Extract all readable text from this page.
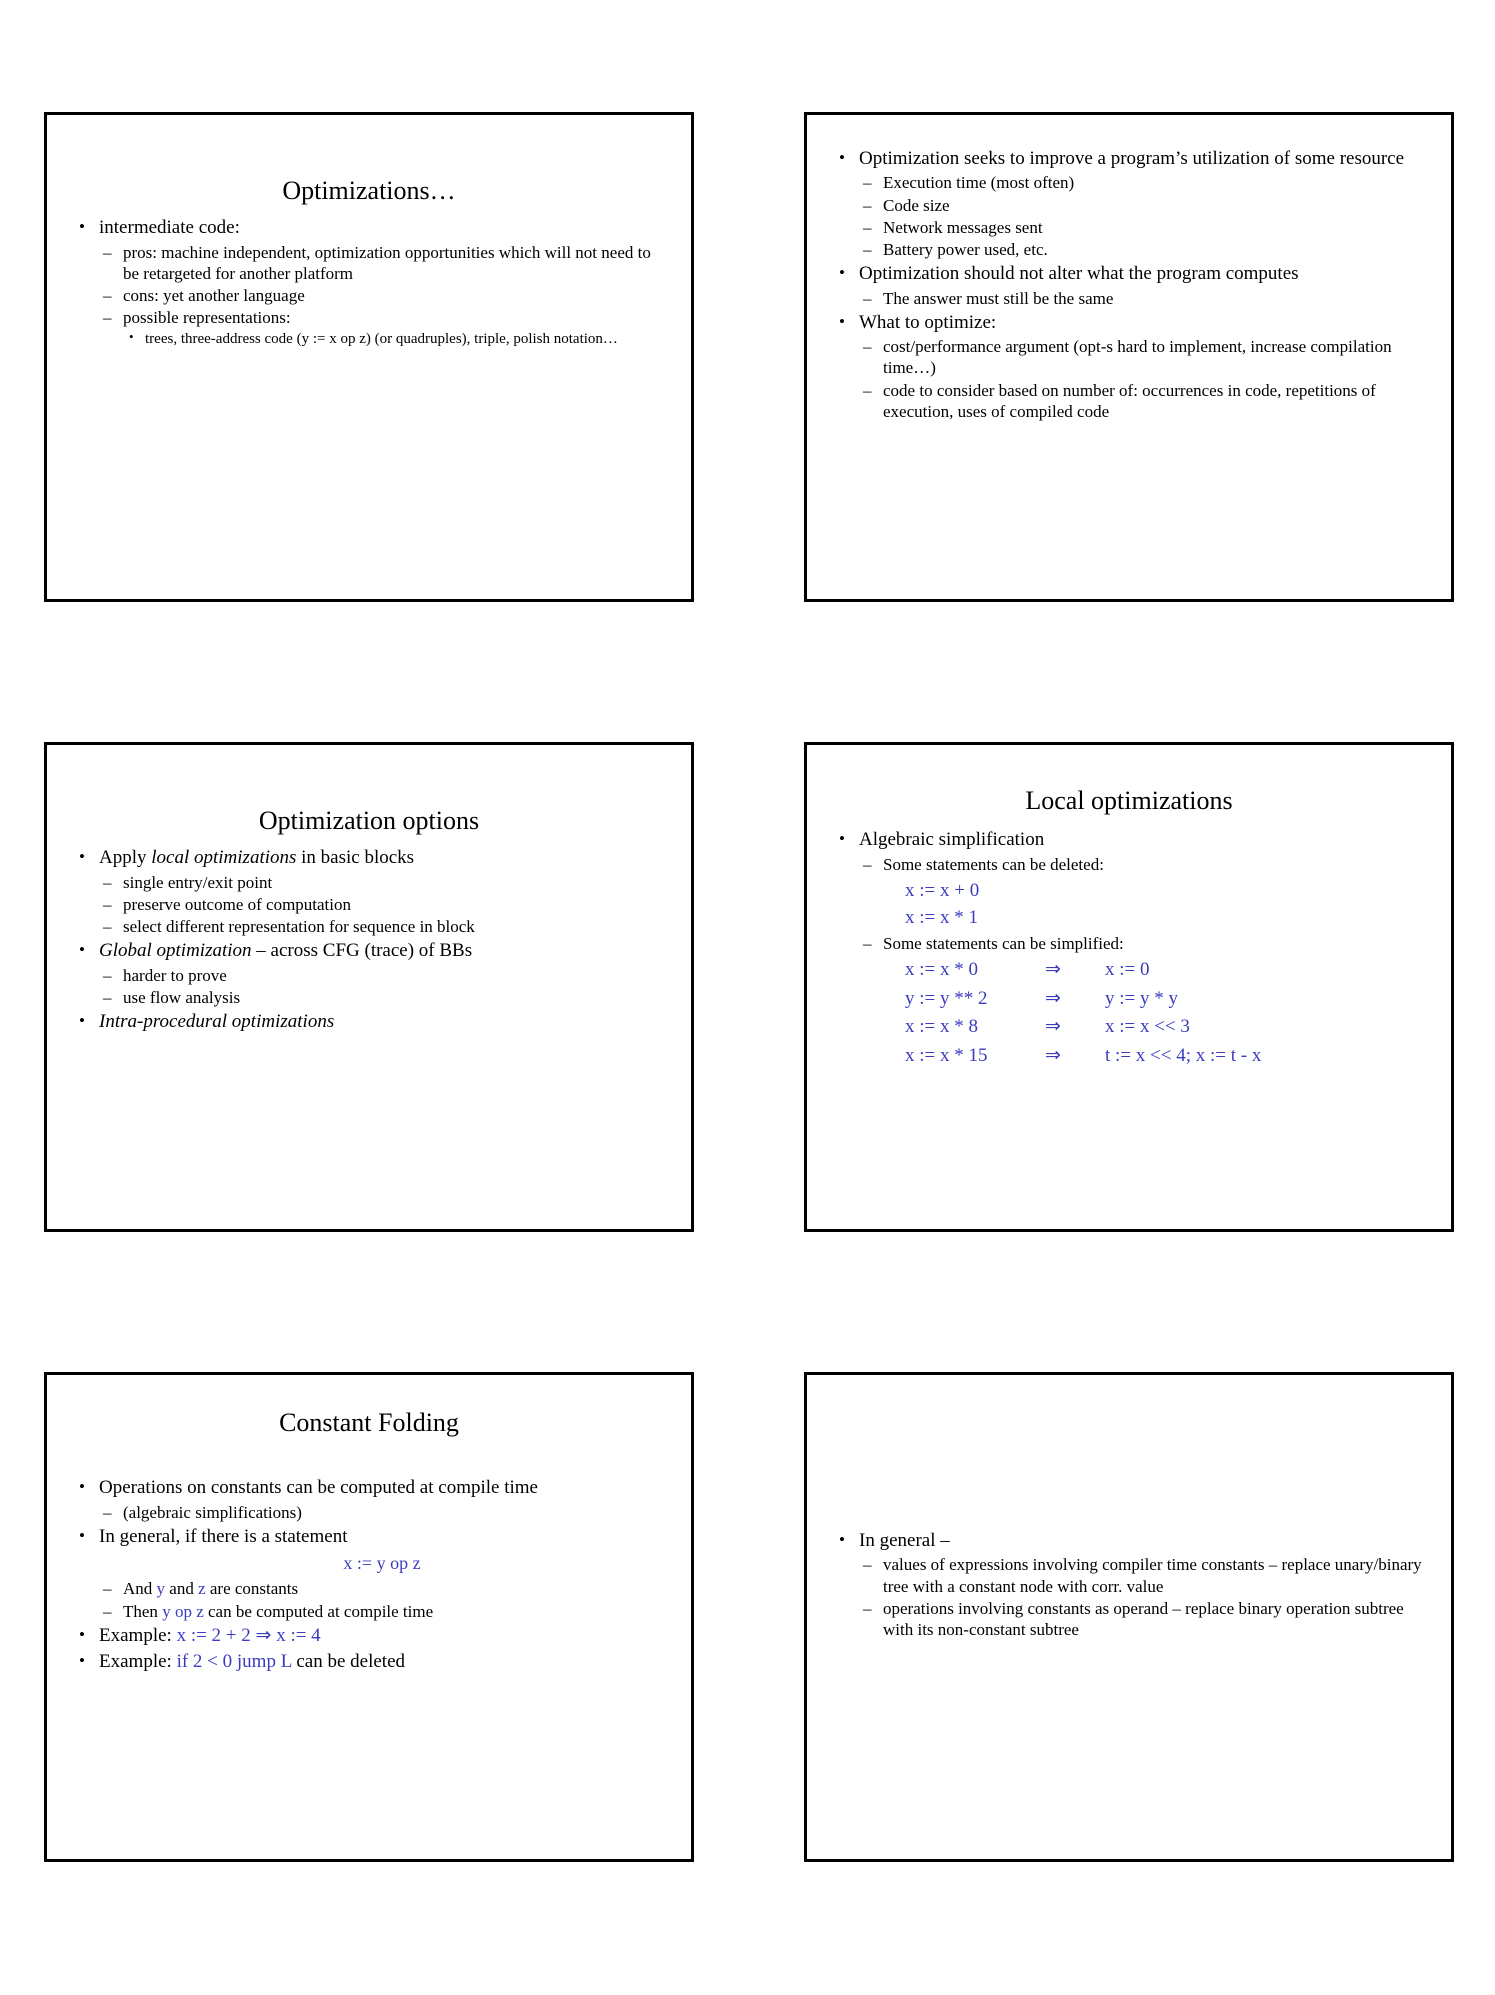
Optimizations…
• intermediate code:
– pros: machine independent, optimization opportunities which will not need to be retargeted for another platform
– cons: yet another language
– possible representations:
• trees, three-address code (y := x op z) (or quadruples), triple, polish notation…
• Optimization seeks to improve a program’s utilization of some resource
– Execution time (most often)
– Code size
– Network messages sent
– Battery power used, etc.
• Optimization should not alter what the program computes
– The answer must still be the same
• What to optimize:
– cost/performance argument (opt-s hard to implement, increase compilation time…)
– code to consider based on number of: occurrences in code, repetitions of execution, uses of compiled code
Optimization options
• Apply local optimizations in basic blocks
– single entry/exit point
– preserve outcome of computation
– select different representation for sequence in block
• Global optimization – across CFG (trace) of BBs
– harder to prove
– use flow analysis
• Intra-procedural optimizations
Local optimizations
• Algebraic simplification
– Some statements can be deleted:
x := x + 0
x := x * 1
– Some statements can be simplified:
x := x * 0	⇒	x := 0
y := y ** 2	⇒	y := y * y
x := x * 8	⇒	x := x << 3
x := x * 15	⇒	t := x << 4; x := t - x
Constant Folding
• Operations on constants can be computed at compile time
– (algebraic simplifications)
• In general, if there is a statement
x := y op z
– And y and z are constants
– Then y op z can be computed at compile time
• Example: x := 2 + 2 ⇒ x := 4
• Example: if 2 < 0 jump L can be deleted
• In general –
– values of expressions involving compiler time constants – replace unary/binary tree with a constant node with corr. value
– operations involving constants as operand – replace binary operation subtree with its non-constant subtree
